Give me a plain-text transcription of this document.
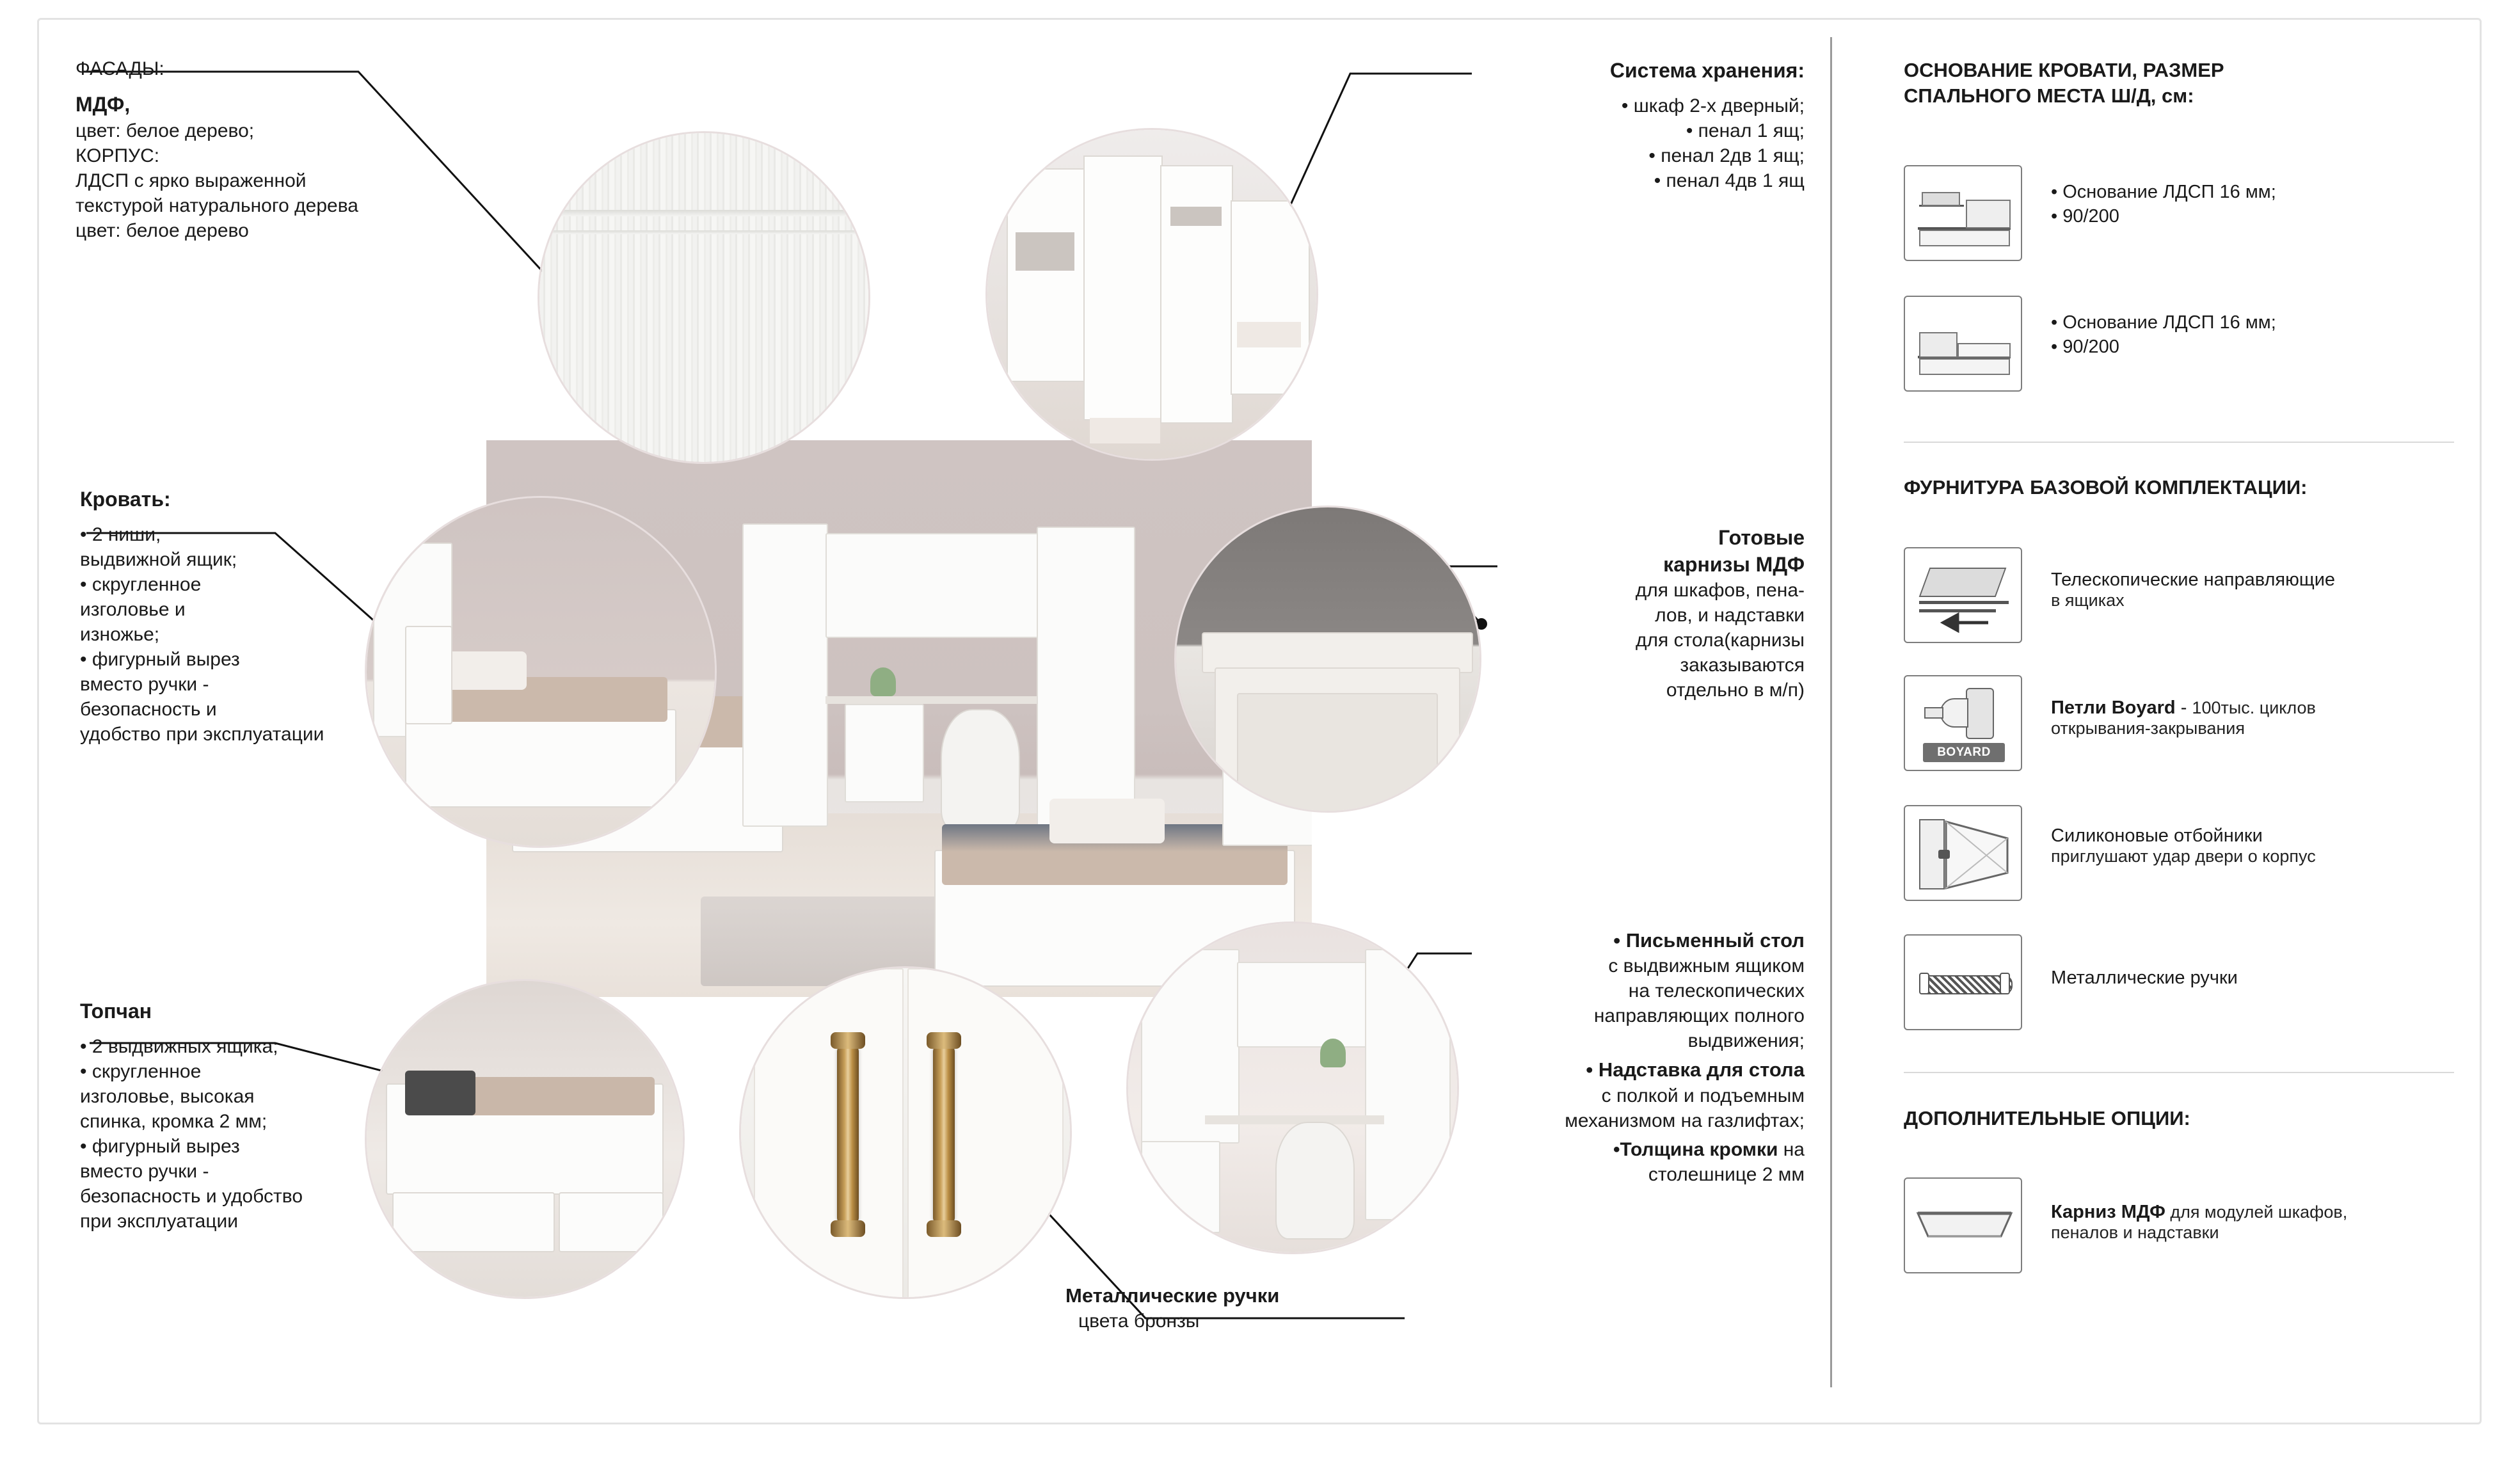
ФАСАДЫ:
МДФ,
цвет: белое дерево;
КОРПУС:
ЛДСП с ярко выраженной
текстурой натурального дерева
цвет: белое дерево
Кровать:
• 2 ниши,
выдвижной ящик;
• скругленное
изголовье и
изножье;
• фигурный вырез
вместо ручки -
безопасность и
удобство при эксплуатации
Топчан
• 2 выдвижных ящика;
• скругленное
изголовье, высокая
спинка, кромка 2 мм;
• фигурный вырез
вместо ручки -
безопасность и удобство
при эксплуатации
Система хранения:
• шкаф 2-х дверный;
• пенал 1 ящ;
• пенал 2дв 1 ящ;
• пенал 4дв 1 ящ
Готовые
карнизы МДФ
для шкафов, пена-
лов, и надставки
для стола(карнизы
заказываются
отдельно в м/п)
• Письменный стол
с выдвижным ящиком
на телескопических
направляющих полного
выдвижения;
• Надставка для стола
с полкой и подъемным
механизмом на газлифтах;
•Толщина кромки на
столешнице 2 мм
Металлические ручки
цвета бронзы
ОСНОВАНИЕ КРОВАТИ, РАЗМЕР
СПАЛЬНОГО МЕСТА Ш/Д, см:
• Основание ЛДСП 16 мм;
• 90/200
• Основание ЛДСП 16 мм;
• 90/200
ФУРНИТУРА БАЗОВОЙ КОМПЛЕКТАЦИИ:
Телескопические направляющие
в ящиках
BOYARD
Петли Boyard - 100тыс. циклов
открывания-закрывания
Силиконовые отбойники
приглушают удар двери о корпус
Металлические ручки
ДОПОЛНИТЕЛЬНЫЕ ОПЦИИ:
Карниз МДФ для модулей шкафов,
пеналов и надставки
